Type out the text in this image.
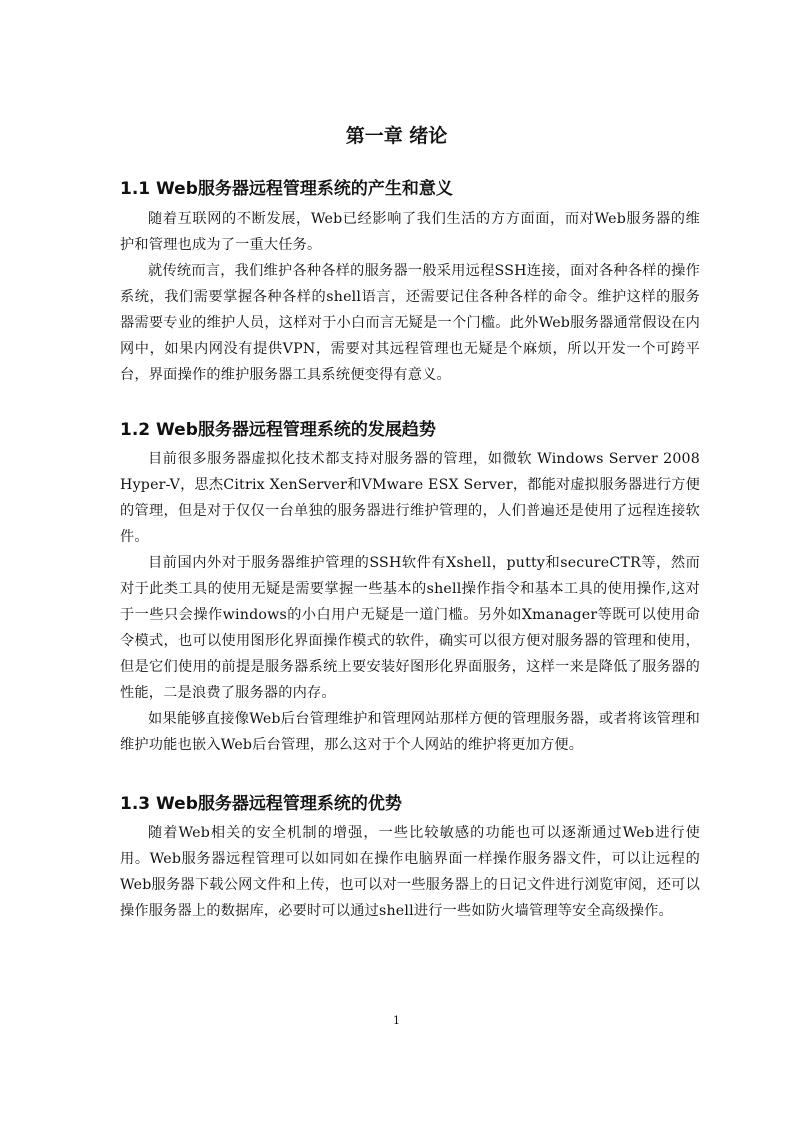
第一章 绪论
1.1 Web服务器远程管理系统的产生和意义

随着互联网的不断发展，Web已经影响了我们生活的方方面面，而对Web服务器的维护和管理也成为了一重大任务。

就传统而言，我们维护各种各样的服务器一般采用远程SSH连接，面对各种各样的操作系统，我们需要掌握各种各样的shell语言，还需要记住各种各样的命令。维护这样的服务器需要专业的维护人员，这样对于小白而言无疑是一个门槛。此外Web服务器通常假设在内网中，如果内网没有提供VPN，需要对其远程管理也无疑是个麻烦，所以开发一个可跨平台，界面操作的维护服务器工具系统便变得有意义。

1.2 Web服务器远程管理系统的发展趋势

目前很多服务器虚拟化技术都支持对服务器的管理，如微软 Windows Server 2008 Hyper-V，思杰Citrix XenServer和VMware ESX Server，都能对虚拟服务器进行方便的管理，但是对于仅仅一台单独的服务器进行维护管理的，人们普遍还是使用了远程连接软件。

目前国内外对于服务器维护管理的SSH软件有Xshell，putty和secureCTR等，然而对于此类工具的使用无疑是需要掌握一些基本的shell操作指令和基本工具的使用操作,这对于一些只会操作windows的小白用户无疑是一道门槛。另外如Xmanager等既可以使用命令模式，也可以使用图形化界面操作模式的软件，确实可以很方便对服务器的管理和使用，但是它们使用的前提是服务器系统上要安装好图形化界面服务，这样一来是降低了服务器的性能，二是浪费了服务器的内存。

如果能够直接像Web后台管理维护和管理网站那样方便的管理服务器，或者将该管理和维护功能也嵌入Web后台管理，那么这对于个人网站的维护将更加方便。

1.3 Web服务器远程管理系统的优势

随着Web相关的安全机制的增强，一些比较敏感的功能也可以逐渐通过Web进行使用。Web服务器远程管理可以如同如在操作电脑界面一样操作服务器文件，可以让远程的Web服务器下载公网文件和上传，也可以对一些服务器上的日记文件进行浏览审阅，还可以操作服务器上的数据库，必要时可以通过shell进行一些如防火墙管理等安全高级操作。

1
